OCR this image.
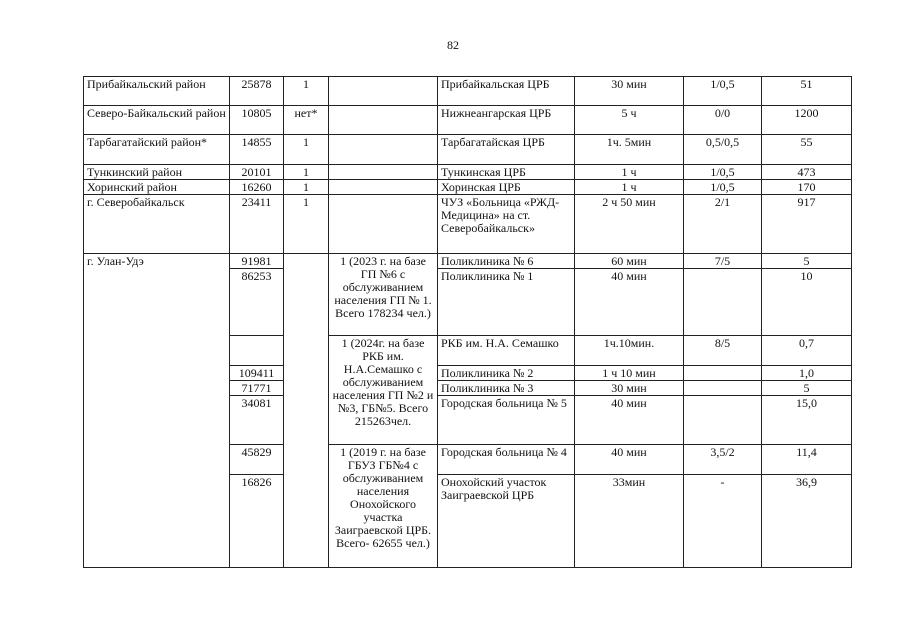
82
Прибайкальский район	25878	1		Прибайкальская ЦРБ	30 мин	1/0,5	51
Северо-Байкальский район	10805	нет*		Нижнеангарская ЦРБ	5 ч	0/0	1200
Тарбагатайский район*	14855	1		Тарбагатайская ЦРБ	1ч. 5мин	0,5/0,5	55
Тункинский район	20101	1		Тункинская ЦРБ	1 ч	1/0,5	473
Хоринский район	16260	1		Хоринская ЦРБ	1 ч	1/0,5	170
г. Северобайкальск	23411	1		ЧУЗ «Больница «РЖД-Медицина» на ст. Северобайкальск»	2 ч 50 мин	2/1	917
г. Улан-Удэ	91981		1 (2023 г. на базе ГП №6 с обслуживанием населения ГП № 1. Всего 178234 чел.)	Поликлиника № 6	60 мин	7/5	5
	86253			Поликлиника № 1	40 мин		10
			1 (2024г. на базе РКБ им. Н.А.Семашко с обслуживанием населения ГП №2 и №3, ГБ№5. Всего 215263чел.	РКБ им. Н.А. Семашко	1ч.10мин.	8/5	0,7
	109411			Поликлиника № 2	1 ч 10 мин		1,0
	71771			Поликлиника № 3	30 мин		5
	34081			Городская больница № 5	40 мин		15,0
	45829		1 (2019 г. на базе ГБУЗ ГБ№4 с обслуживанием населения Онохойского участка Заиграевской ЦРБ. Всего- 62655 чел.)	Городская больница № 4	40 мин	3,5/2	11,4
	16826			Онохойский участок Заиграевской ЦРБ	33мин	-	36,9
